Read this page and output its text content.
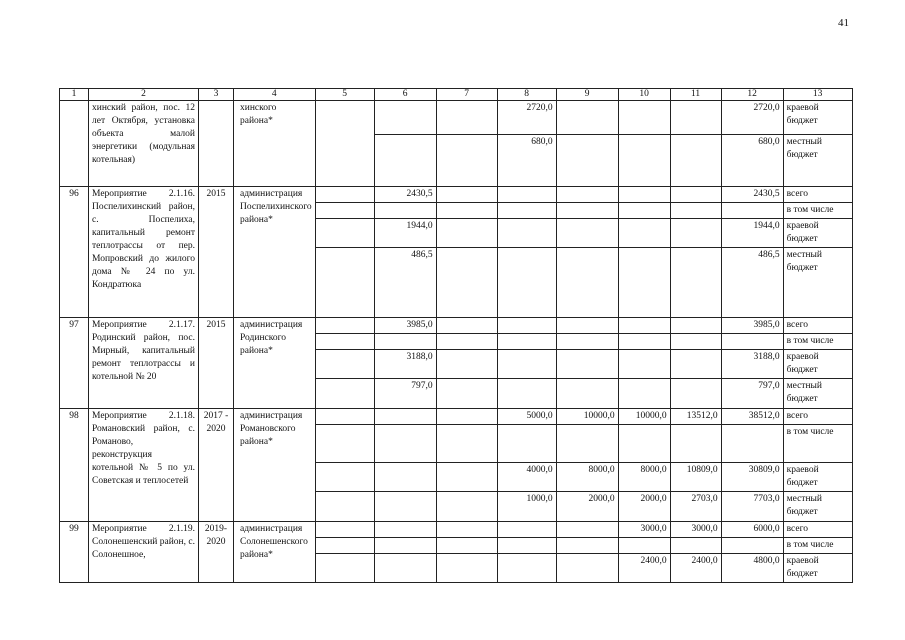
41
1	2	3	4	5	6	7	8	9	10	11	12	13
	хинский район, пос. 12 лет Октября, установка объекта малой энергетики (модульная котельная)		хинского района*				2720,0				2720,0	краевой бюджет
							680,0				680,0	местный бюджет
96	Мероприятие 2.1.16. Поспелихинский район, с. Поспелиха, капитальный ремонт теплотрассы от пер. Мопровский до жилого дома № 24 по ул. Кондратюка	2015	администрация Поспелихинского района*		2430,5						2430,5	всего
												в том числе
					1944,0						1944,0	краевой бюджет
					486,5						486,5	местный бюджет
97	Мероприятие 2.1.17. Родинский район, пос. Мирный, капитальный ремонт теплотрассы и котельной № 20	2015	администрация Родинского района*		3985,0						3985,0	всего
												в том числе
					3188,0						3188,0	краевой бюджет
					797,0						797,0	местный бюджет
98	Мероприятие 2.1.18. Романовский район, с. Романово, реконструкция котельной № 5 по ул. Советская и теплосетей	2017 - 2020	администрация Романовского района*				5000,0	10000,0	10000,0	13512,0	38512,0	всего
												в том числе
							4000,0	8000,0	8000,0	10809,0	30809,0	краевой бюджет
							1000,0	2000,0	2000,0	2703,0	7703,0	местный бюджет
99	Мероприятие 2.1.19. Солонешенский район, с. Солонешное,	2019-2020	администрация Солонешенского района*						3000,0	3000,0	6000,0	всего
												в том числе
									2400,0	2400,0	4800,0	краевой бюджет
